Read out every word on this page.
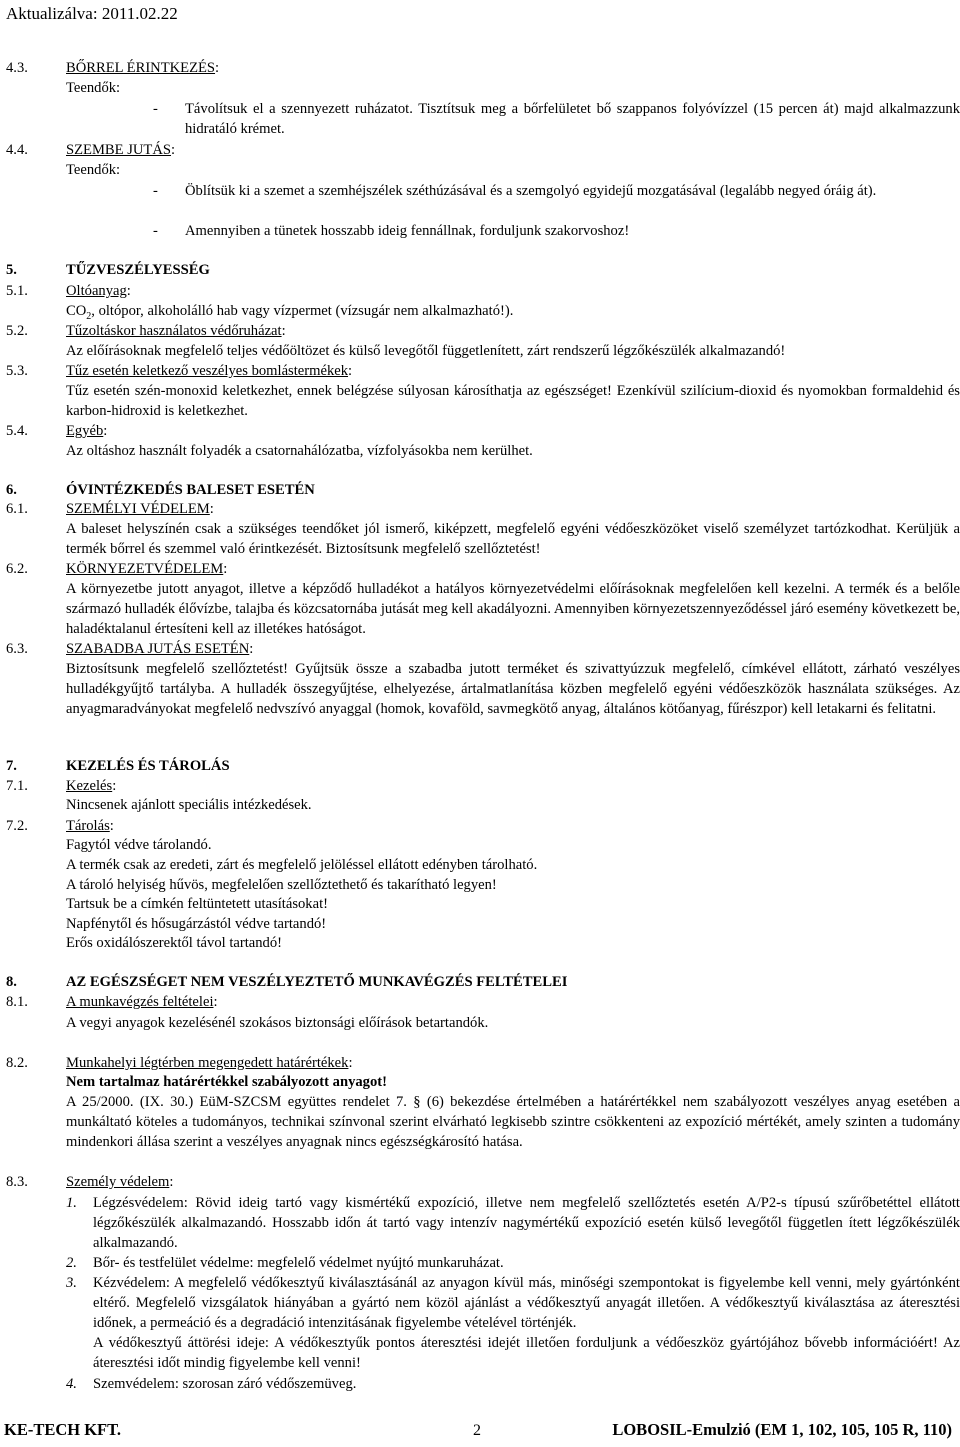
Aktualizálva: 2011.02.22
4.3.	BŐRREL ÉRINTKEZÉS:
Teendők:
- Távolítsuk el a szennyezett ruházatot. Tisztítsuk meg a bőrfelületet bő szappanos folyóvízzel (15 percen át) majd alkalmazzunk hidratáló krémet.
4.4.	SZEMBE JUTÁS:
Teendők:
- Öblítsük ki a szemet a szemhéjszélek széthúzásával és a szemgolyó egyidejű mozgatásával (legalább negyed óráig át).
- Amennyiben a tünetek hosszabb ideig fennállnak, forduljunk szakorvoshoz!
5.	TŰZVESZÉLYESSÉG
5.1.	Oltóanyag:
$CO_2$, oltópor, alkoholálló hab vagy vízpermet (vízsugár nem alkalmazható!).
5.2.	Tűzoltáskor használatos védőruházat:
Az előírásoknak megfelelő teljes védőöltözet és külső levegőtől függetlenített, zárt rendszerű légzőkészülék alkalmazandó!
5.3.	Tűz esetén keletkező veszélyes bomlástermékek:
Tűz esetén szén-monoxid keletkezhet, ennek belégzése súlyosan károsíthatja az egészséget! Ezenkívül szilícium-dioxid és nyomokban formaldehid és karbon-hidroxid is keletkezhet.
5.4.	Egyéb:
Az oltáshoz használt folyadék a csatornahálózatba, vízfolyásokba nem kerülhet.
6.	ÓVINTÉZKEDÉS BALESET ESETÉN
6.1.	SZEMÉLYI VÉDELEM:
A baleset helyszínén csak a szükséges teendőket jól ismerő, kiképzett, megfelelő egyéni védőeszközöket viselő személyzet tartózkodhat. Kerüljük a termék bőrrel és szemmel való érintkezését. Biztosítsunk megfelelő szellőztetést!
6.2.	KÖRNYEZETVÉDELEM:
A környezetbe jutott anyagot, illetve a képződő hulladékot a hatályos környezetvédelmi előírásoknak megfelelően kell kezelni. A termék és a belőle származó hulladék élővízbe, talajba és közcsatornába jutását meg kell akadályozni. Amennyiben környezetszennyeződéssel járó esemény következett be, haladéktalanul értesíteni kell az illetékes hatóságot.
6.3.	SZABADBA JUTÁS ESETÉN:
Biztosítsunk megfelelő szellőztetést! Gyűjtsük össze a szabadba jutott terméket és szivattyúzzuk megfelelő, címkével ellátott, zárható veszélyes hulladékgyűjtő tartályba. A hulladék összegyűjtése, elhelyezése, ártalmatlanítása közben megfelelő egyéni védőeszközök használata szükséges. Az anyagmaradványokat megfelelő nedvszívó anyaggal (homok, kovaföld, savmegkötő anyag, általános kötőanyag, fűrészpor) kell letakarni és felitatni.
7.	KEZELÉS ÉS TÁROLÁS
7.1.	Kezelés:
Nincsenek ajánlott speciális intézkedések.
7.2.	Tárolás:
Fagytól védve tárolandó.
A termék csak az eredeti, zárt és megfelelő jelöléssel ellátott edényben tárolható.
A tároló helyiség hűvös, megfelelően szellőztethető és takarítható legyen!
Tartsuk be a címkén feltüntetett utasításokat!
Napfénytől és hősugárzástól védve tartandó!
Erős oxidálószerektől távol tartandó!
8.	AZ EGÉSZSÉGET NEM VESZÉLYEZTETŐ MUNKAVÉGZÉS FELTÉTELEI
8.1.	A munkavégzés feltételei:
A vegyi anyagok kezelésénél szokásos biztonsági előírások betartandók.
8.2.	Munkahelyi légtérben megengedett határértékek:
Nem tartalmaz határértékkel szabályozott anyagot!
A 25/2000. (IX. 30.) EüM-SZCSM együttes rendelet 7. § (6) bekezdése értelmében a határértékkel nem szabályozott veszélyes anyag esetében a munkáltató köteles a tudományos, technikai színvonal szerint elvárható legkisebb szintre csökkenteni az expozíció mértékét, amely szinten a tudomány mindenkori állása szerint a veszélyes anyagnak nincs egészségkárosító hatása.
8.3.	Személy védelem:
1. Légzésvédelem: Rövid ideig tartó vagy kismértékű expozíció, illetve nem megfelelő szellőztetés esetén A/P2-s típusú szűrőbetéttel ellátott légzőkészülék alkalmazandó. Hosszabb időn át tartó vagy intenzív nagymértékű expozíció esetén külső levegőtől független ített légzőkészülék alkalmazandó.
2. Bőr- és testfelület védelme: megfelelő védelmet nyújtó munkaruházat.
3. Kézvédelem: A megfelelő védőkesztyű kiválasztásánál az anyagon kívül más, minőségi szempontokat is figyelembe kell venni, mely gyártónként eltérő. Megfelelő vizsgálatok hiányában a gyártó nem közöl ajánlást a védőkesztyű anyagát illetően. A védőkesztyű kiválasztása az áteresztési időnek, a permeáció és a degradáció intenzitásának figyelembe vételével történjék.
A védőkesztyű áttörési ideje: A védőkesztyűk pontos áteresztési idejét illetően forduljunk a védőeszköz gyártójához bővebb információért! Az áteresztési időt mindig figyelembe kell venni!
4. Szemvédelem: szorosan záró védőszemüveg.
KE-TECH KFT.	2	LOBOSIL-Emulzió (EM 1, 102, 105, 105 R, 110)
